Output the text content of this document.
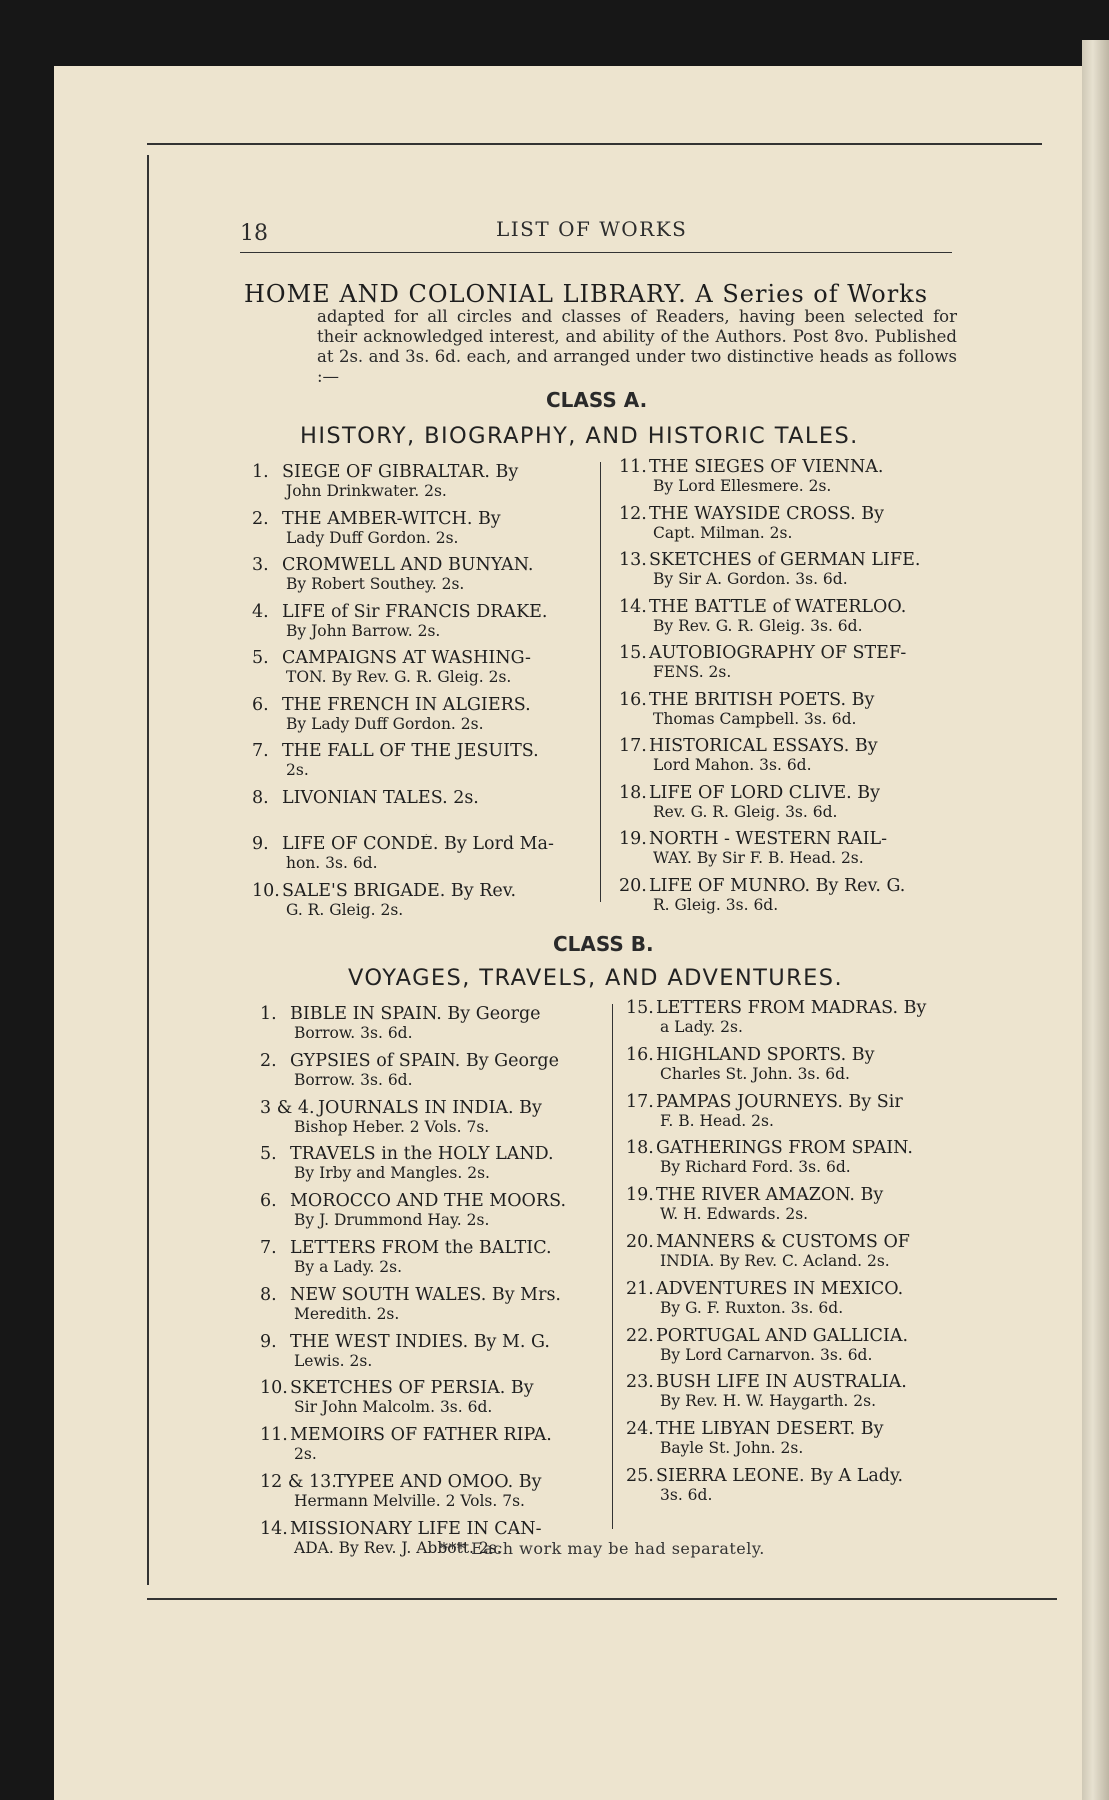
18	LIST OF WORKS
HOME AND COLONIAL LIBRARY. A Series of Works
adapted for all circles and classes of Readers, having been selected for their acknowledged interest, and ability of the Authors. Post 8vo. Published at 2s. and 3s. 6d. each, and arranged under two distinctive heads as follows :—
CLASS A.
HISTORY, BIOGRAPHY, AND HISTORIC TALES.
1. SIEGE OF GIBRALTAR. By
John Drinkwater. 2s.
2. THE AMBER-WITCH. By
Lady Duff Gordon. 2s.
3. CROMWELL AND BUNYAN.
By Robert Southey. 2s.
4. LIFE of Sir FRANCIS DRAKE.
By John Barrow. 2s.
5. CAMPAIGNS AT WASHING-
TON. By Rev. G. R. Gleig. 2s.
6. THE FRENCH IN ALGIERS.
By Lady Duff Gordon. 2s.
7. THE FALL OF THE JESUITS.
2s.
8. LIVONIAN TALES. 2s.
9. LIFE OF CONDÉ. By Lord Ma-
hon. 3s. 6d.
10. SALE'S BRIGADE. By Rev.
G. R. Gleig. 2s.
11. THE SIEGES OF VIENNA.
By Lord Ellesmere. 2s.
12. THE WAYSIDE CROSS. By
Capt. Milman. 2s.
13. SKETCHES of GERMAN LIFE.
By Sir A. Gordon. 3s. 6d.
14. THE BATTLE of WATERLOO.
By Rev. G. R. Gleig. 3s. 6d.
15. AUTOBIOGRAPHY OF STEF-
FENS. 2s.
16. THE BRITISH POETS. By
Thomas Campbell. 3s. 6d.
17. HISTORICAL ESSAYS. By
Lord Mahon. 3s. 6d.
18. LIFE OF LORD CLIVE. By
Rev. G. R. Gleig. 3s. 6d.
19. NORTH - WESTERN RAIL-
WAY. By Sir F. B. Head. 2s.
20. LIFE OF MUNRO. By Rev. G.
R. Gleig. 3s. 6d.
CLASS B.
VOYAGES, TRAVELS, AND ADVENTURES.
1. BIBLE IN SPAIN. By George
Borrow. 3s. 6d.
2. GYPSIES of SPAIN. By George
Borrow. 3s. 6d.
3 & 4. JOURNALS IN INDIA. By
Bishop Heber. 2 Vols. 7s.
5. TRAVELS in the HOLY LAND.
By Irby and Mangles. 2s.
6. MOROCCO AND THE MOORS.
By J. Drummond Hay. 2s.
7. LETTERS FROM the BALTIC.
By a Lady. 2s.
8. NEW SOUTH WALES. By Mrs.
Meredith. 2s.
9. THE WEST INDIES. By M. G.
Lewis. 2s.
10. SKETCHES OF PERSIA. By
Sir John Malcolm. 3s. 6d.
11. MEMOIRS OF FATHER RIPA.
2s.
12 & 13.TYPEE AND OMOO. By
Hermann Melville. 2 Vols. 7s.
14. MISSIONARY LIFE IN CAN-
ADA. By Rev. J. Abbott. 2s.
15. LETTERS FROM MADRAS. By
a Lady. 2s.
16. HIGHLAND SPORTS. By
Charles St. John. 3s. 6d.
17. PAMPAS JOURNEYS. By Sir
F. B. Head. 2s.
18. GATHERINGS FROM SPAIN.
By Richard Ford. 3s. 6d.
19. THE RIVER AMAZON. By
W. H. Edwards. 2s.
20. MANNERS & CUSTOMS OF
INDIA. By Rev. C. Acland. 2s.
21. ADVENTURES IN MEXICO.
By G. F. Ruxton. 3s. 6d.
22. PORTUGAL AND GALLICIA.
By Lord Carnarvon. 3s. 6d.
23. BUSH LIFE IN AUSTRALIA.
By Rev. H. W. Haygarth. 2s.
24. THE LIBYAN DESERT. By
Bayle St. John. 2s.
25. SIERRA LEONE. By A Lady.
3s. 6d.
*** Each work may be had separately.
